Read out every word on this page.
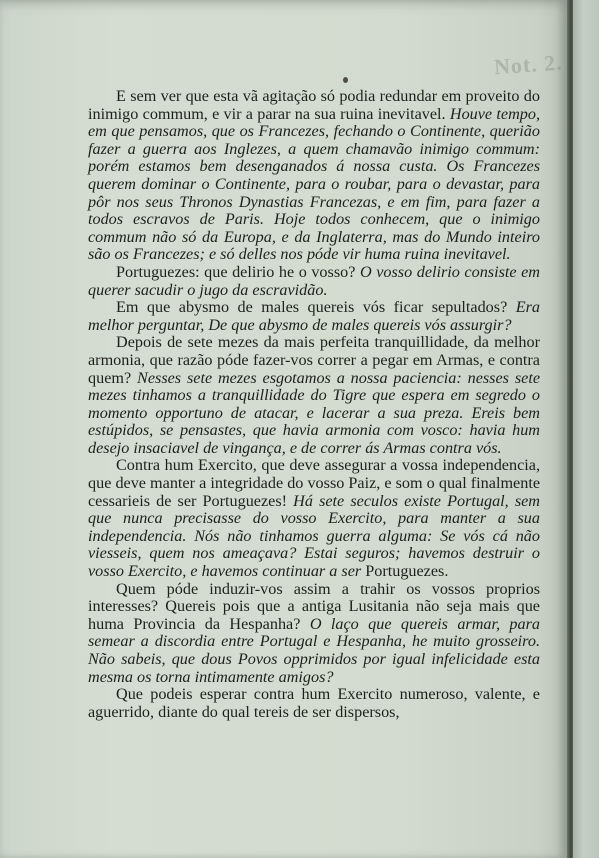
E sem ver que esta vã agitação só podia redundar em proveito do inimigo commum, e vir a parar na sua ruina inevitavel. Houve tempo, em que pensamos, que os Francezes, fechando o Continente, querião fazer a guerra aos Inglezes, a quem chamavão inimigo commum: porém estamos bem desenganados á nossa custa. Os Francezes querem dominar o Continente, para o roubar, para o devastar, para pôr nos seus Thronos Dynastias Francezas, e em fim, para fazer a todos escravos de Paris. Hoje todos conhecem, que o inimigo commum não só da Europa, e da Inglaterra, mas do Mundo inteiro são os Francezes; e só delles nos póde vir huma ruina inevitavel.

Portuguezes: que delirio he o vosso? O vosso delirio consiste em querer sacudir o jugo da escravidão.

Em que abysmo de males quereis vós ficar sepultados? Era melhor perguntar, De que abysmo de males quereis vós assurgir?

Depois de sete mezes da mais perfeita tranquillidade, da melhor armonia, que razão póde fazer-vos correr a pegar em Armas, e contra quem? Nesses sete mezes esgotamos a nossa paciencia: nesses sete mezes tinhamos a tranquillidade do Tigre que espera em segredo o momento opportuno de atacar, e lacerar a sua preza. Ereis bem estúpidos, se pensastes, que havia armonia com vosco: havia hum desejo insaciavel de vingança, e de correr ás Armas contra vós.

Contra hum Exercito, que deve assegurar a vossa independencia, que deve manter a integridade do vosso Paiz, e som o qual finalmente cessarieis de ser Portuguezes! Há sete seculos existe Portugal, sem que nunca precisasse do vosso Exercito, para manter a sua independencia. Nós não tinhamos guerra alguma: Se vós cá não viesseis, quem nos ameaçava? Estai seguros; havemos destruir o vosso Exercito, e havemos continuar a ser Portuguezes.

Quem póde induzir-vos assim a trahir os vossos proprios interesses? Quereis pois que a antiga Lusitania não seja mais que huma Provincia da Hespanha? O laço que quereis armar, para semear a discordia entre Portugal e Hespanha, he muito grosseiro. Não sabeis, que dous Povos opprimidos por igual infelicidade esta mesma os torna intimamente amigos?

Que podeis esperar contra hum Exercito numeroso, valente, e aguerrido, diante do qual tereis de ser dispersos,

Not. 2.
